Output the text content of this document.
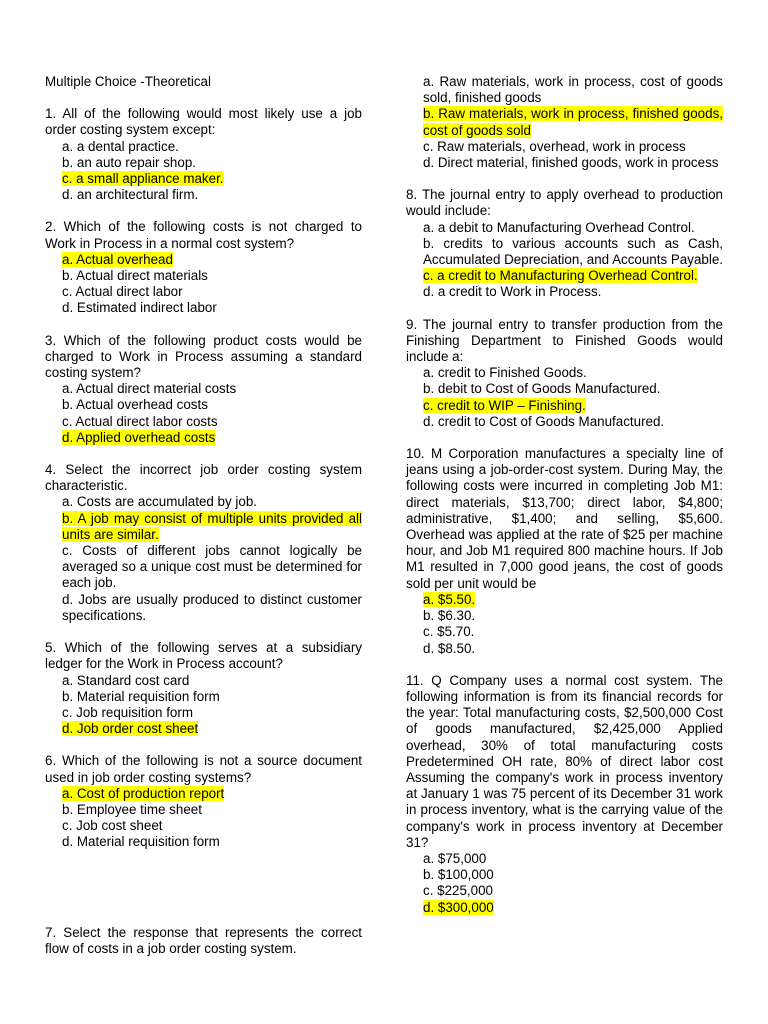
Multiple Choice -Theoretical
1. All of the following would most likely use a job order costing system except:
a. a dental practice.
b. an auto repair shop.
c. a small appliance maker.
d. an architectural firm.
2. Which of the following costs is not charged to Work in Process in a normal cost system?
a. Actual overhead
b. Actual direct materials
c. Actual direct labor
d. Estimated indirect labor
3. Which of the following product costs would be charged to Work in Process assuming a standard costing system?
a. Actual direct material costs
b. Actual overhead costs
c. Actual direct labor costs
d. Applied overhead costs
4. Select the incorrect job order costing system characteristic.
a. Costs are accumulated by job.
b. A job may consist of multiple units provided all units are similar.
c. Costs of different jobs cannot logically be averaged so a unique cost must be determined for each job.
d. Jobs are usually produced to distinct customer specifications.
5. Which of the following serves at a subsidiary ledger for the Work in Process account?
a. Standard cost card
b. Material requisition form
c. Job requisition form
d. Job order cost sheet
6. Which of the following is not a source document used in job order costing systems?
a. Cost of production report
b. Employee time sheet
c. Job cost sheet
d. Material requisition form
7. Select the response that represents the correct flow of costs in a job order costing system.
a. Raw materials, work in process, cost of goods sold, finished goods
b. Raw materials, work in process, finished goods, cost of goods sold
c. Raw materials, overhead, work in process
d. Direct material, finished goods, work in process
8. The journal entry to apply overhead to production would include:
a. a debit to Manufacturing Overhead Control.
b. credits to various accounts such as Cash, Accumulated Depreciation, and Accounts Payable.
c. a credit to Manufacturing Overhead Control.
d. a credit to Work in Process.
9. The journal entry to transfer production from the Finishing Department to Finished Goods would include a:
a. credit to Finished Goods.
b. debit to Cost of Goods Manufactured.
c. credit to WIP – Finishing.
d. credit to Cost of Goods Manufactured.
10. M Corporation manufactures a specialty line of jeans using a job-order-cost system. During May, the following costs were incurred in completing Job M1: direct materials, $13,700; direct labor, $4,800; administrative, $1,400; and selling, $5,600. Overhead was applied at the rate of $25 per machine hour, and Job M1 required 800 machine hours. If Job M1 resulted in 7,000 good jeans, the cost of goods sold per unit would be
a. $5.50.
b. $6.30.
c. $5.70.
d. $8.50.
11. Q Company uses a normal cost system. The following information is from its financial records for the year: Total manufacturing costs, $2,500,000 Cost of goods manufactured, $2,425,000 Applied overhead, 30% of total manufacturing costs Predetermined OH rate, 80% of direct labor cost Assuming the company's work in process inventory at January 1 was 75 percent of its December 31 work in process inventory, what is the carrying value of the company's work in process inventory at December 31?
a. $75,000
b. $100,000
c. $225,000
d. $300,000
